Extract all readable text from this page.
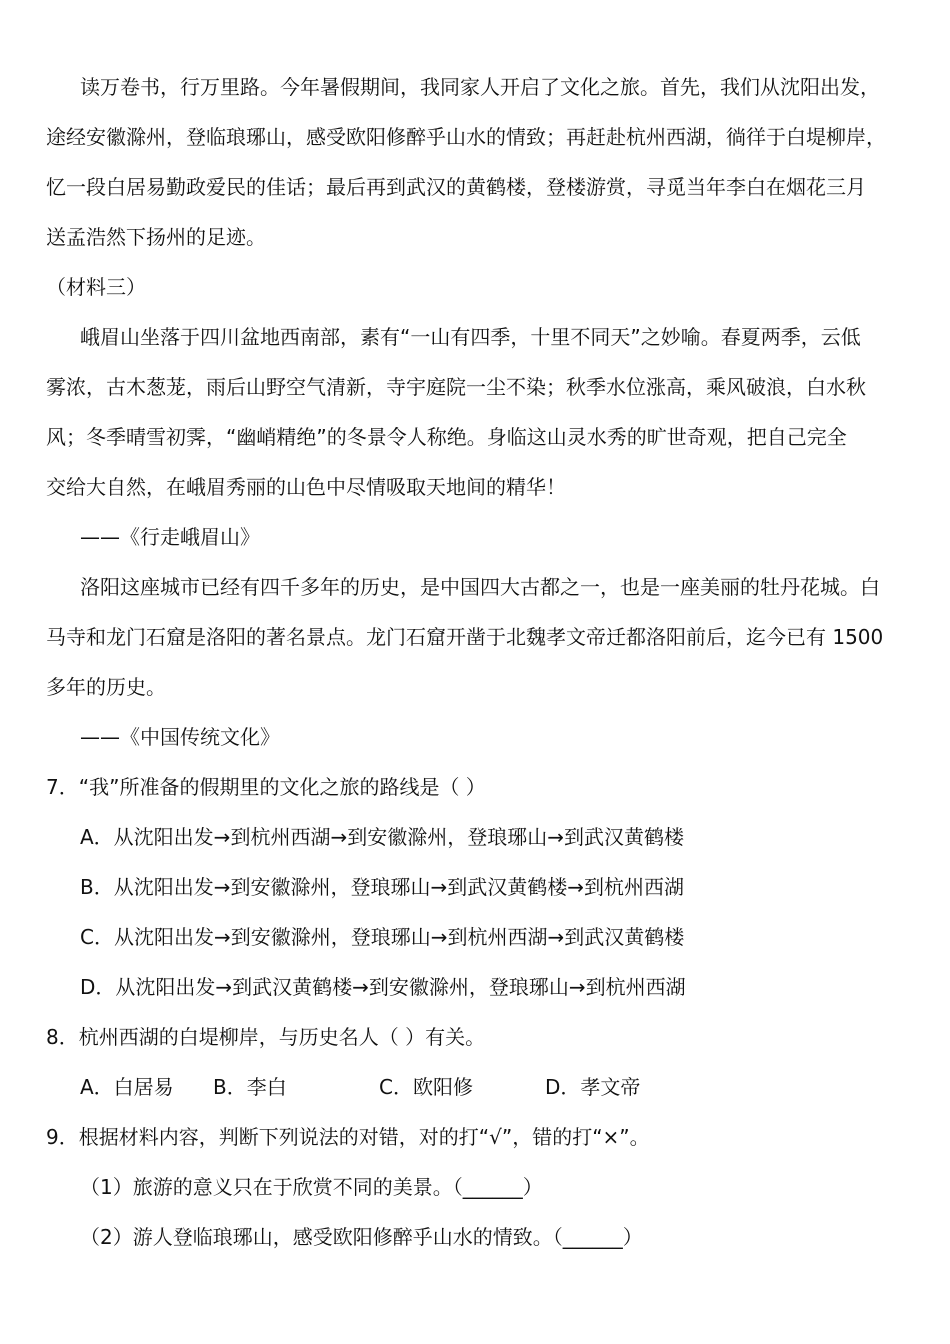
读万卷书，行万里路。今年暑假期间，我同家人开启了文化之旅。首先，我们从沈阳出发，
途经安徽滁州，登临琅琊山，感受欧阳修醉乎山水的情致；再赶赴杭州西湖，徜徉于白堤柳岸，
忆一段白居易勤政爱民的佳话；最后再到武汉的黄鹤楼，登楼游赏，寻觅当年李白在烟花三月
送孟浩然下扬州的足迹。
（材料三）
峨眉山坐落于四川盆地西南部，素有“一山有四季，十里不同天”之妙喻。春夏两季，云低
雾浓，古木葱茏，雨后山野空气清新，寺宇庭院一尘不染；秋季水位涨高，乘风破浪，白水秋
风；冬季晴雪初霁，“幽峭精绝”的冬景令人称绝。身临这山灵水秀的旷世奇观，把自己完全
交给大自然，在峨眉秀丽的山色中尽情吸取天地间的精华！
——《行走峨眉山》
洛阳这座城市已经有四千多年的历史，是中国四大古都之一，也是一座美丽的牡丹花城。白
马寺和龙门石窟是洛阳的著名景点。龙门石窟开凿于北魏孝文帝迁都洛阳前后，迄今已有 1500
多年的历史。
——《中国传统文化》
7．“我”所准备的假期里的文化之旅的路线是（ ）
A．从沈阳出发→到杭州西湖→到安徽滁州，登琅琊山→到武汉黄鹤楼
B．从沈阳出发→到安徽滁州，登琅琊山→到武汉黄鹤楼→到杭州西湖
C．从沈阳出发→到安徽滁州，登琅琊山→到杭州西湖→到武汉黄鹤楼
D．从沈阳出发→到武汉黄鹤楼→到安徽滁州，登琅琊山→到杭州西湖
8．杭州西湖的白堤柳岸，与历史名人（ ）有关。
A．白居易 B．李白	C．欧阳修	D．孝文帝
9．根据材料内容，判断下列说法的对错，对的打“√”，错的打“×”。
（1）旅游的意义只在于欣赏不同的美景。（______）
（2）游人登临琅琊山，感受欧阳修醉乎山水的情致。（______）
